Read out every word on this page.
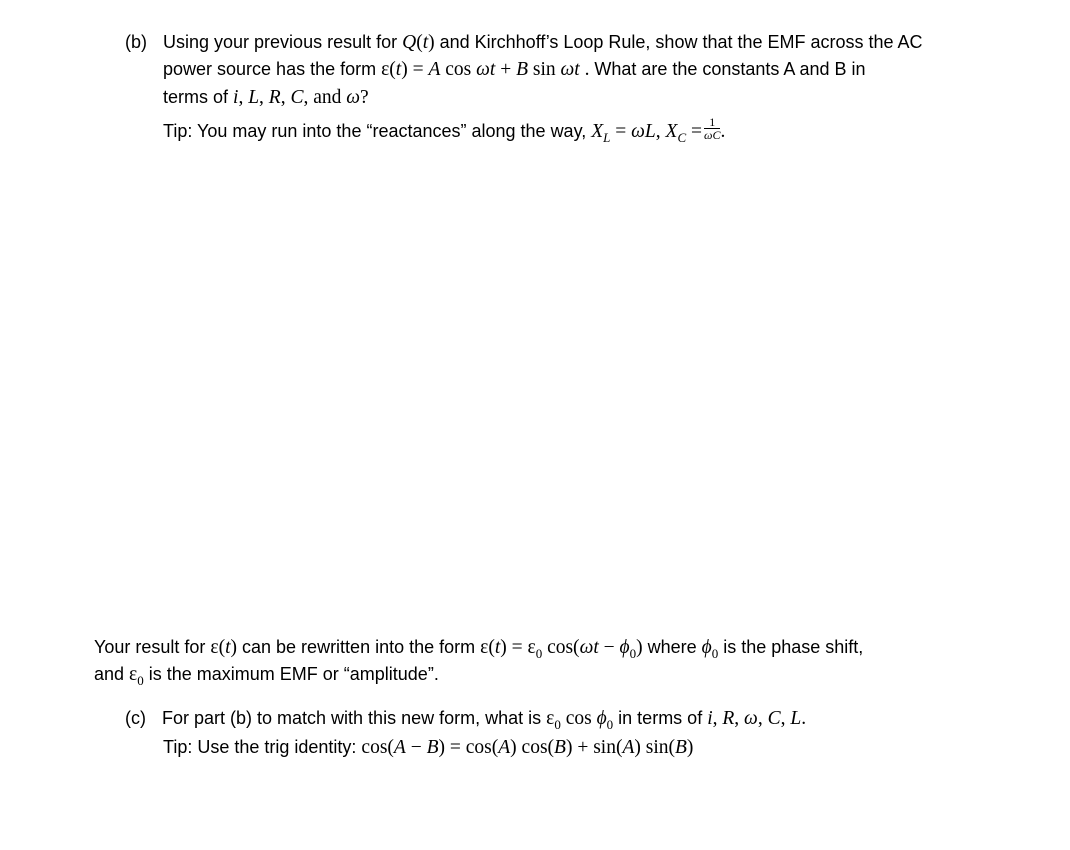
(b) Using your previous result for Q(t) and Kirchhoff’s Loop Rule, show that the EMF across the AC
power source has the form ε(t) = A cos ωt + B sin ωt . What are the constants A and B in
terms of i, L, R, C, and ω?
Tip: You may run into the “reactances” along the way, $X_L = \omega L$, $X_C = \frac{1}{\omega C}$ .
Your result for ε(t) can be rewritten into the form $\varepsilon(t) = \varepsilon_0$ $\cos(\omega t - \phi_0)$ where $\phi_0$ is the phase shift,
and $\varepsilon_0$ is the maximum EMF or “amplitude”.
(c) For part (b) to match with this new form, what is $\varepsilon_0$ $\cos \phi_0$ in terms of i, R, ω, C, L.
Tip: Use the trig identity: cos(A − B) = cos(A) cos(B) + sin(A) sin(B)
